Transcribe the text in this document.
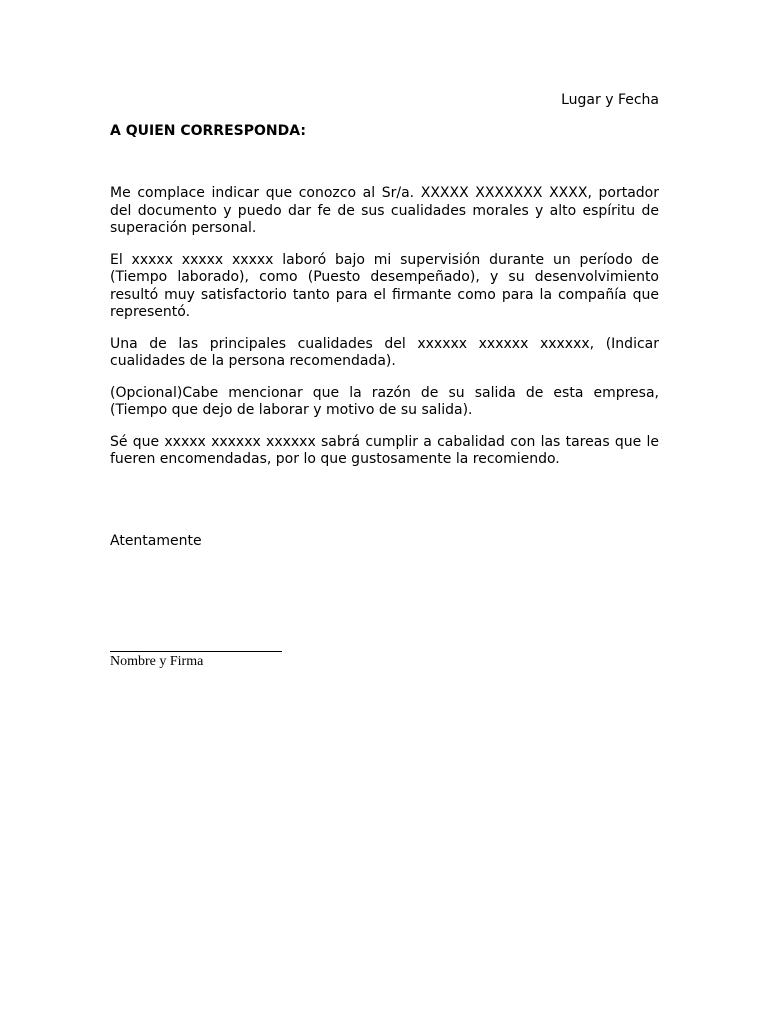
Lugar y Fecha
A QUIEN CORRESPONDA:

Me complace indicar que conozco al Sr/a. XXXXX XXXXXXX XXXX, portador del documento y puedo dar fe de sus cualidades morales y alto espíritu de superación personal.

El xxxxx xxxxx xxxxx laboró bajo mi supervisión durante un período de (Tiempo laborado), como (Puesto desempeñado), y su desenvolvimiento resultó muy satisfactorio tanto para el firmante como para la compañía que representó.

Una de las principales cualidades del xxxxxx xxxxxx xxxxxx, (Indicar cualidades de la persona recomendada).

(Opcional)Cabe mencionar que la razón de su salida de esta empresa, (Tiempo que dejo de laborar y motivo de su salida).

Sé que xxxxx xxxxxx xxxxxx sabrá cumplir a cabalidad con las tareas que le fueren encomendadas, por lo que gustosamente la recomiendo.

Atentamente
Nombre y Firma
